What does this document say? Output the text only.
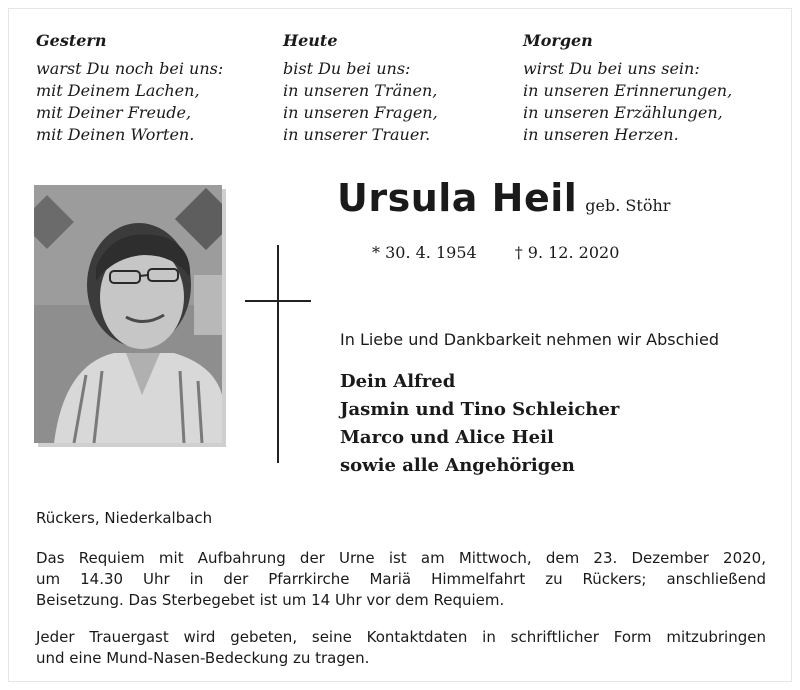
Gestern
warst Du noch bei uns:
mit Deinem Lachen,
mit Deiner Freude,
mit Deinen Worten.
Heute
bist Du bei uns:
in unseren Tränen,
in unseren Fragen,
in unserer Trauer.
Morgen
wirst Du bei uns sein:
in unseren Erinnerungen,
in unseren Erzählungen,
in unseren Herzen.
Ursula Heil geb. Stöhr
* 30. 4. 1954 † 9. 12. 2020
In Liebe und Dankbarkeit nehmen wir Abschied
Dein Alfred
Jasmin und Tino Schleicher
Marco und Alice Heil
sowie alle Angehörigen
Rückers, Niederkalbach
Das Requiem mit Aufbahrung der Urne ist am Mittwoch, dem 23. Dezember 2020,
um 14.30 Uhr in der Pfarrkirche Mariä Himmelfahrt zu Rückers; anschließend
Beisetzung. Das Sterbegebet ist um 14 Uhr vor dem Requiem.
Jeder Trauergast wird gebeten, seine Kontaktdaten in schriftlicher Form mitzubringen
und eine Mund-Nasen-Bedeckung zu tragen.
